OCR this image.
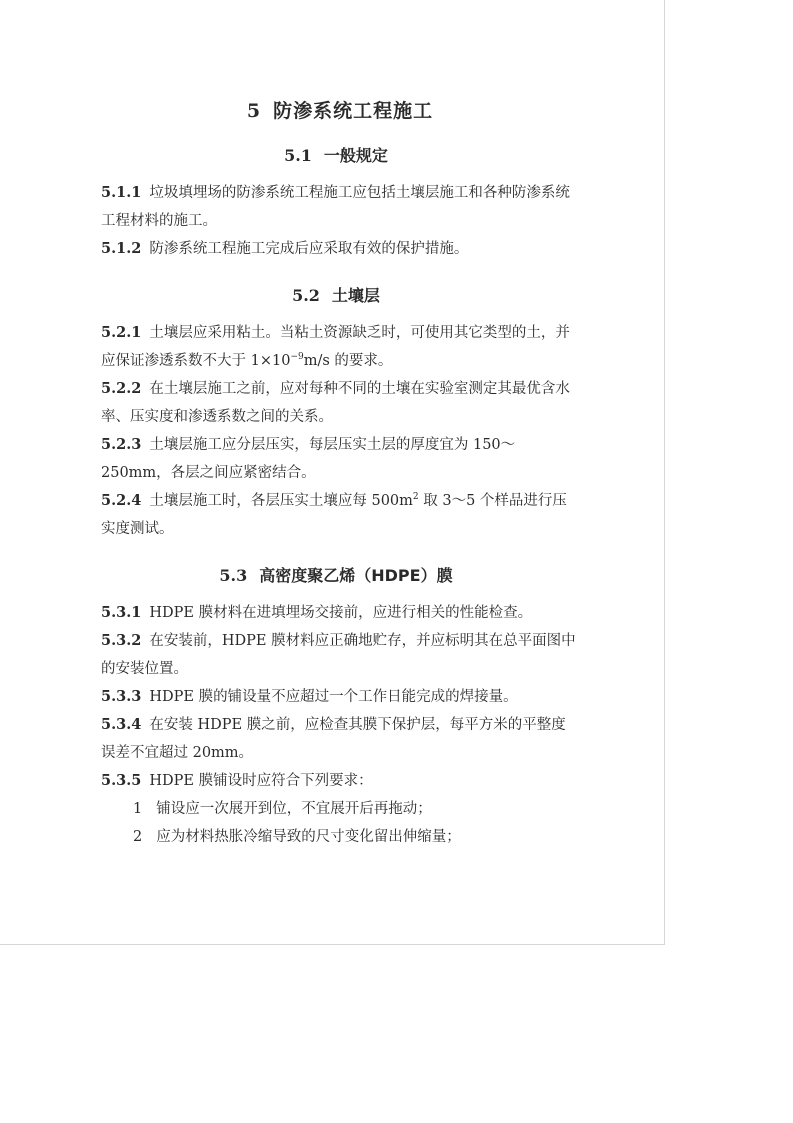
5 防渗系统工程施工
5.1 一般规定
5.1.1 垃圾填埋场的防渗系统工程施工应包括土壤层施工和各种防渗系统工程材料的施工。
5.1.2 防渗系统工程施工完成后应采取有效的保护措施。
5.2 土壤层
5.2.1 土壤层应采用粘土。当粘土资源缺乏时，可使用其它类型的土，并应保证渗透系数不大于 $1\times 10^{-9}m/s$ 的要求。
5.2.2 在土壤层施工之前，应对每种不同的土壤在实验室测定其最优含水率、压实度和渗透系数之间的关系。
5.2.3 土壤层施工应分层压实，每层压实土层的厚度宜为 150～250mm，各层之间应紧密结合。
5.2.4 土壤层施工时，各层压实土壤应每 $500m^2$ 取 3～5 个样品进行压实度测试。
5.3 高密度聚乙烯（HDPE）膜
5.3.1 HDPE 膜材料在进填埋场交接前，应进行相关的性能检查。
5.3.2 在安装前，HDPE 膜材料应正确地贮存，并应标明其在总平面图中的安装位置。
5.3.3 HDPE 膜的铺设量不应超过一个工作日能完成的焊接量。
5.3.4 在安装 HDPE 膜之前，应检查其膜下保护层，每平方米的平整度误差不宜超过 20mm。
5.3.5 HDPE 膜铺设时应符合下列要求：
1 铺设应一次展开到位，不宜展开后再拖动；
2 应为材料热胀冷缩导致的尺寸变化留出伸缩量；
